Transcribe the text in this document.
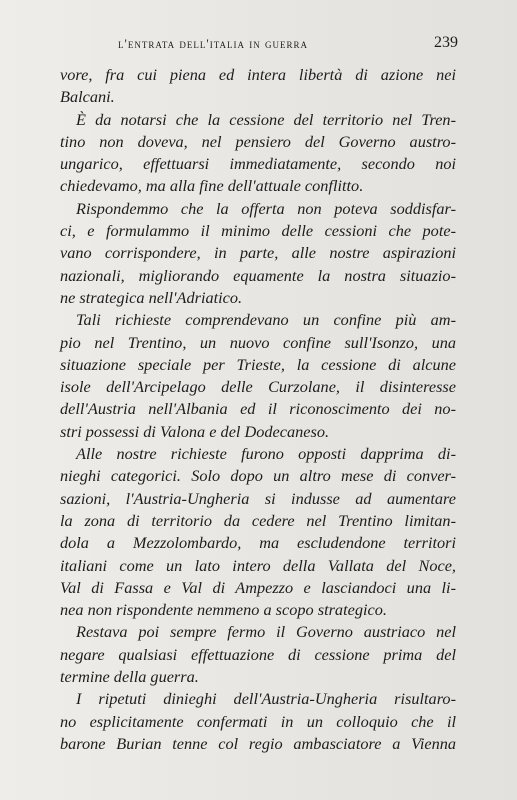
l'entrata dell'italia in guerra	239
vore, fra cui piena ed intera libertà di azione nei
Balcani.
È da notarsi che la cessione del territorio nel Tren-
tino non doveva, nel pensiero del Governo austro-
ungarico, effettuarsi immediatamente, secondo noi
chiedevamo, ma alla fine dell'attuale conflitto.
Rispondemmo che la offerta non poteva soddisfar-
ci, e formulammo il minimo delle cessioni che pote-
vano corrispondere, in parte, alle nostre aspirazioni
nazionali, migliorando equamente la nostra situazio-
ne strategica nell'Adriatico.
Tali richieste comprendevano un confine più am-
pio nel Trentino, un nuovo confine sull'Isonzo, una
situazione speciale per Trieste, la cessione di alcune
isole dell'Arcipelago delle Curzolane, il disinteresse
dell'Austria nell'Albania ed il riconoscimento dei no-
stri possessi di Valona e del Dodecaneso.
Alle nostre richieste furono opposti dapprima di-
nieghi categorici. Solo dopo un altro mese di conver-
sazioni, l'Austria-Ungheria si indusse ad aumentare
la zona di territorio da cedere nel Trentino limitan-
dola a Mezzolombardo, ma escludendone territori
italiani come un lato intero della Vallata del Noce,
Val di Fassa e Val di Ampezzo e lasciandoci una li-
nea non rispondente nemmeno a scopo strategico.
Restava poi sempre fermo il Governo austriaco nel
negare qualsiasi effettuazione di cessione prima del
termine della guerra.
I ripetuti dinieghi dell'Austria-Ungheria risultaro-
no esplicitamente confermati in un colloquio che il
barone Burian tenne col regio ambasciatore a Vienna
